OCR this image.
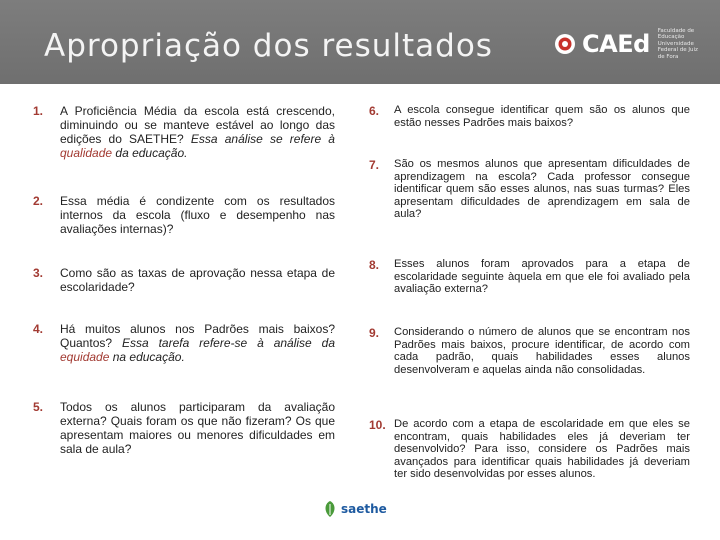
Apropriação dos resultados	CAEd Faculdade de Educação Universidade Federal de Juiz de Fora
1.	A Proficiência Média da escola está crescendo, diminuindo ou se manteve estável ao longo das edições do SAETHE? Essa análise se refere à qualidade da educação.
2.	Essa média é condizente com os resultados internos da escola (fluxo e desempenho nas avaliações internas)?
3.	Como são as taxas de aprovação nessa etapa de escolaridade?
4.	Há muitos alunos nos Padrões mais baixos? Quantos? Essa tarefa refere-se à análise da equidade na educação.
5.	Todos os alunos participaram da avaliação externa? Quais foram os que não fizeram? Os que apresentam maiores ou menores dificuldades em sala de aula?
6.	A escola consegue identificar quem são os alunos que estão nesses Padrões mais baixos?
7.	São os mesmos alunos que apresentam dificuldades de aprendizagem na escola? Cada professor consegue identificar quem são esses alunos, nas suas turmas? Eles apresentam dificuldades de aprendizagem em sala de aula?
8.	Esses alunos foram aprovados para a etapa de escolaridade seguinte àquela em que ele foi avaliado pela avaliação externa?
9.	Considerando o número de alunos que se encontram nos Padrões mais baixos, procure identificar, de acordo com cada padrão, quais habilidades esses alunos desenvolveram e aquelas ainda não consolidadas.
10. De acordo com a etapa de escolaridade em que eles se encontram, quais habilidades eles já deveriam ter desenvolvido? Para isso, considere os Padrões mais avançados para identificar quais habilidades já deveriam ter sido desenvolvidas por esses alunos.
saethe
